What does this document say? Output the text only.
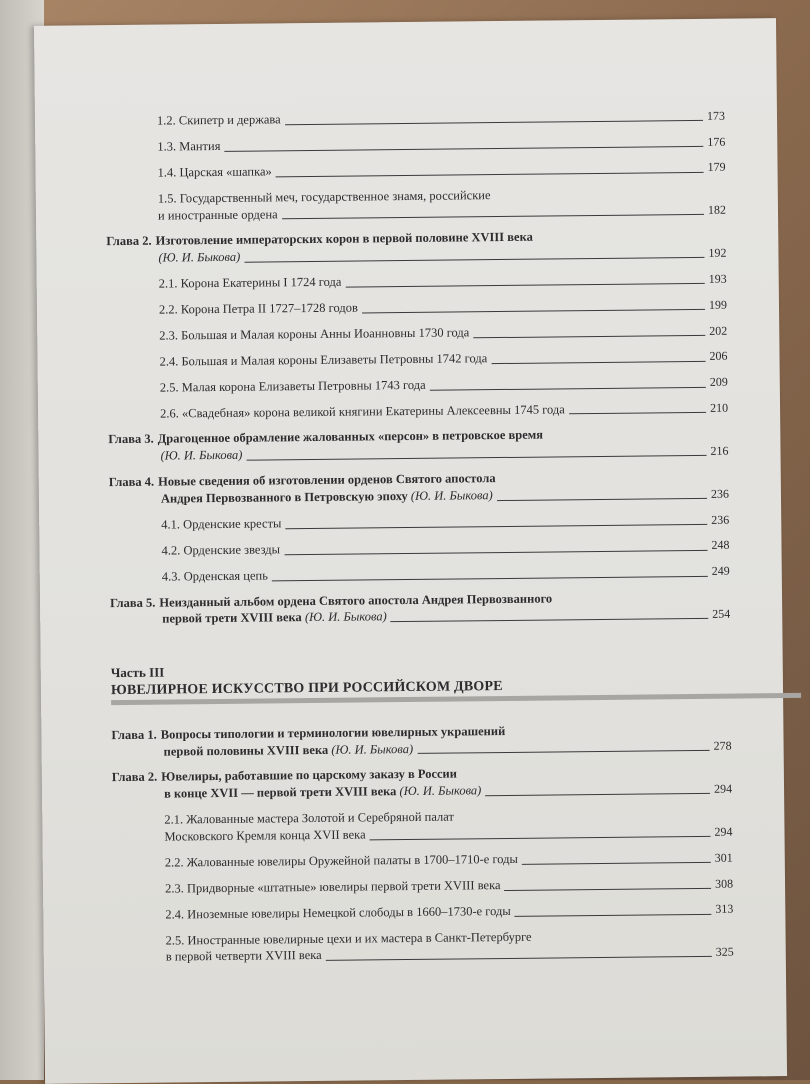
1.2. Скипетр и держава	173
1.3. Мантия	176
1.4. Царская «шапка»	179
1.5. Государственный меч, государственное знамя, российские
и иностранные ордена	182
Глава 2. Изготовление императорских корон в первой половине XVIII века
(Ю. И. Быкова)	192
2.1. Корона Екатерины I 1724 года	193
2.2. Корона Петра II 1727–1728 годов	199
2.3. Большая и Малая короны Анны Иоанновны 1730 года	202
2.4. Большая и Малая короны Елизаветы Петровны 1742 года	206
2.5. Малая корона Елизаветы Петровны 1743 года	209
2.6. «Свадебная» корона великой княгини Екатерины Алексеевны 1745 года	210
Глава 3. Драгоценное обрамление жалованных «персон» в петровское время
(Ю. И. Быкова)	216
Глава 4. Новые сведения об изготовлении орденов Святого апостола
Андрея Первозванного в Петровскую эпоху
(Ю. И. Быкова)	236
4.1. Орденские кресты	236
4.2. Орденские звезды	248
4.3. Орденская цепь	249
Глава 5. Неизданный альбом ордена Святого апостола Андрея Первозванного
первой трети XVIII века
(Ю. И. Быкова)	254
Часть III
ЮВЕЛИРНОЕ ИСКУССТВО ПРИ РОССИЙСКОМ ДВОРЕ
Глава 1. Вопросы типологии и терминологии ювелирных украшений
первой половины XVIII века
(Ю. И. Быкова)	278
Глава 2. Ювелиры, работавшие по царскому заказу в России
в конце XVII — первой трети XVIII века
(Ю. И. Быкова)	294
2.1. Жалованные мастера Золотой и Серебряной палат
Московского Кремля конца XVII века	294
2.2. Жалованные ювелиры Оружейной палаты в 1700–1710-е годы	301
2.3. Придворные «штатные» ювелиры первой трети XVIII века	308
2.4. Иноземные ювелиры Немецкой слободы в 1660–1730-е годы	313
2.5. Иностранные ювелирные цехи и их мастера в Санкт-Петербурге
в первой четверти XVIII века	325
